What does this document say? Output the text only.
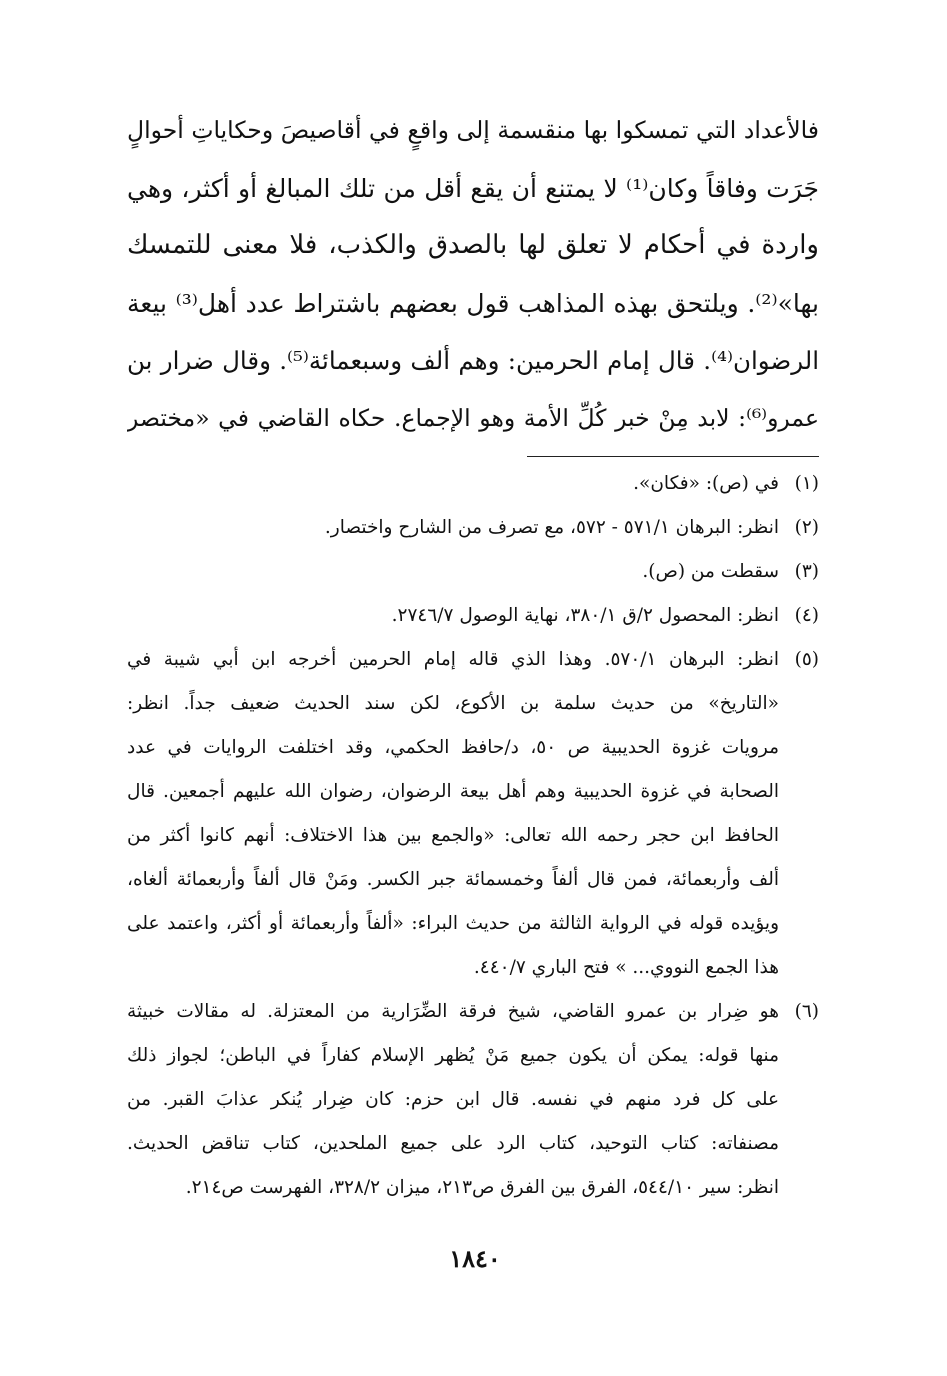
فالأعداد التي تمسكوا بها منقسمة إلى واقعٍ في أقاصيصَ وحكاياتِ أحوالٍ
جَرَت وفاقاً وكان⁽¹⁾ لا يمتنع أن يقع أقل من تلك المبالغ أو أكثر، وهي
واردة في أحكام لا تعلق لها بالصدق والكذب، فلا معنى للتمسك
بها»⁽²⁾. ويلتحق بهذه المذاهب قول بعضهم باشتراط عدد أهل⁽³⁾ بيعة
الرضوان⁽⁴⁾. قال إمام الحرمين: وهم ألف وسبعمائة⁽⁵⁾. وقال ضرار بن
عمرو⁽⁶⁾: لابد مِنْ خبر كُلِّ الأمة وهو الإجماع. حكاه القاضي في «مختصر
(١)
في (ص): «فكان».
(٢)
انظر: البرهان ٥٧١/١ - ٥٧٢، مع تصرف من الشارح واختصار.
(٣)
سقطت من (ص).
(٤)
انظر: المحصول ٢/ق ٣٨٠/١، نهاية الوصول ٢٧٤٦/٧.
(٥)
انظر: البرهان ٥٧٠/١. وهذا الذي قاله إمام الحرمين أخرجه ابن أبي شيبة في
«التاريخ» من حديث سلمة بن الأكوع، لكن سند الحديث ضعيف جداً. انظر:
مرويات غزوة الحديبية ص ٥٠، د/حافظ الحكمي، وقد اختلفت الروايات في عدد
الصحابة في غزوة الحديبية وهم أهل بيعة الرضوان، رضوان الله عليهم أجمعين. قال
الحافظ ابن حجر رحمه الله تعالى: «والجمع بين هذا الاختلاف: أنهم كانوا أكثر من
ألف وأربعمائة، فمن قال ألفاً وخمسمائة جبر الكسر. ومَنْ قال ألفاً وأربعمائة ألغاه،
ويؤيده قوله في الرواية الثالثة من حديث البراء: «ألفاً وأربعمائة أو أكثر، واعتمد على
هذا الجمع النووي... » فتح الباري ٤٤٠/٧.
(٦)
هو ضِرار بن عمرو القاضي، شيخ فرقة الضِّرَارية من المعتزلة. له مقالات خبيثة
منها قوله: يمكن أن يكون جميع مَنْ يُظهر الإسلام كفاراً في الباطن؛ لجواز ذلك
على كل فرد منهم في نفسه. قال ابن حزم: كان ضِرار يُنكر عذابَ القبر. من
مصنفاته: كتاب التوحيد، كتاب الرد على جميع الملحدين، كتاب تناقض الحديث.
انظر: سير ٥٤٤/١٠، الفرق بين الفرق ص٢١٣، ميزان ٣٢٨/٢، الفهرست ص٢١٤.
١٨٤٠
